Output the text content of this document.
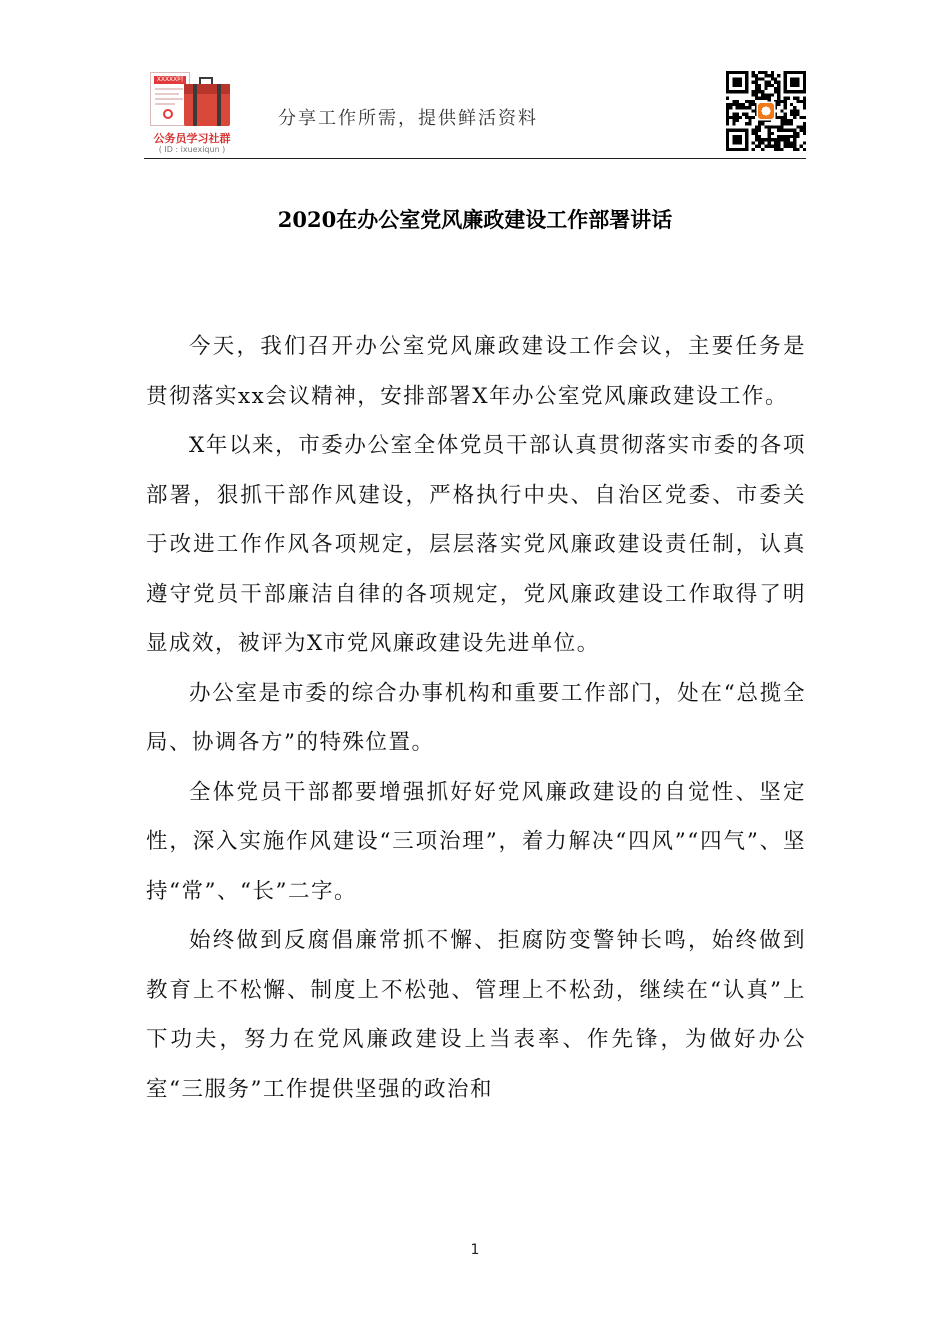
XXXXX阿
公务员学习社群
( ID : ixuexiqun )
分享工作所需，提供鲜活资料
2020在办公室党风廉政建设工作部署讲话

今天，我们召开办公室党风廉政建设工作会议，主要任务是贯彻落实xx会议精神，安排部署X年办公室党风廉政建设工作。

X年以来，市委办公室全体党员干部认真贯彻落实市委的各项部署，狠抓干部作风建设，严格执行中央、自治区党委、市委关于改进工作作风各项规定，层层落实党风廉政建设责任制，认真遵守党员干部廉洁自律的各项规定，党风廉政建设工作取得了明显成效，被评为X市党风廉政建设先进单位。

办公室是市委的综合办事机构和重要工作部门，处在“总揽全局、协调各方”的特殊位置。

全体党员干部都要增强抓好好党风廉政建设的自觉性、坚定性，深入实施作风建设“三项治理”，着力解决“四风”“四气”、坚持“常”、“长”二字。

始终做到反腐倡廉常抓不懈、拒腐防变警钟长鸣，始终做到教育上不松懈、制度上不松弛、管理上不松劲，继续在“认真”上下功夫，努力在党风廉政建设上当表率、作先锋，为做好办公室“三服务”工作提供坚强的政治和

1
